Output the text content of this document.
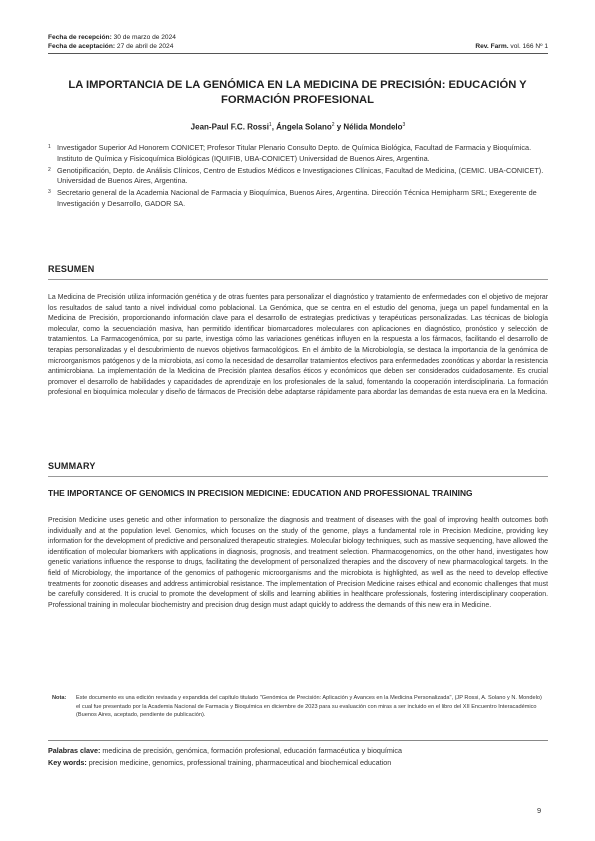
Fecha de recepción: 30 de marzo de 2024
Fecha de aceptación: 27 de abril de 2024	Rev. Farm. vol. 166 Nº 1
LA IMPORTANCIA DE LA GENÓMICA EN LA MEDICINA DE PRECISIÓN: EDUCACIÓN Y FORMACIÓN PROFESIONAL
Jean-Paul F.C. Rossi$^1$, Ángela Solano$^2$ y Nélida Mondelo$^3$
1 Investigador Superior Ad Honorem CONICET; Profesor Titular Plenario Consulto Depto. de Química Biológica, Facultad de Farmacia y Bioquímica. Instituto de Química y Fisicoquímica Biológicas (IQUIFIB, UBA-CONICET) Universidad de Buenos Aires, Argentina.
2 Genotipificación, Depto. de Análisis Clínicos, Centro de Estudios Médicos e Investigaciones Clínicas, Facultad de Medicina, (CEMIC. UBA-CONICET). Universidad de Buenos Aires, Argentina.
3 Secretario general de la Academia Nacional de Farmacia y Bioquímica, Buenos Aires, Argentina. Dirección Técnica Hemipharm SRL; Exegerente de Investigación y Desarrollo, GADOR SA.
RESUMEN
La Medicina de Precisión utiliza información genética y de otras fuentes para personalizar el diagnóstico y tratamiento de enfermedades con el objetivo de mejorar los resultados de salud tanto a nivel individual como poblacional. La Genómica, que se centra en el estudio del genoma, juega un papel fundamental en la Medicina de Precisión, proporcionando información clave para el desarrollo de estrategias predictivas y terapéuticas personalizadas. Las técnicas de biología molecular, como la secuenciación masiva, han permitido identificar biomarcadores moleculares con aplicaciones en diagnóstico, pronóstico y selección de tratamientos. La Farmacogenómica, por su parte, investiga cómo las variaciones genéticas influyen en la respuesta a los fármacos, facilitando el desarrollo de terapias personalizadas y el descubrimiento de nuevos objetivos farmacológicos. En el ámbito de la Microbiología, se destaca la importancia de la genómica de microorganismos patógenos y de la microbiota, así como la necesidad de desarrollar tratamientos efectivos para enfermedades zoonóticas y abordar la resistencia antimicrobiana. La implementación de la Medicina de Precisión plantea desafíos éticos y económicos que deben ser considerados cuidadosamente. Es crucial promover el desarrollo de habilidades y capacidades de aprendizaje en los profesionales de la salud, fomentando la cooperación interdisciplinaria. La formación profesional en bioquímica molecular y diseño de fármacos de Precisión debe adaptarse rápidamente para abordar las demandas de esta nueva era en la Medicina.
SUMMARY
THE IMPORTANCE OF GENOMICS IN PRECISION MEDICINE: EDUCATION AND PROFESSIONAL TRAINING
Precision Medicine uses genetic and other information to personalize the diagnosis and treatment of diseases with the goal of improving health outcomes both individually and at the population level. Genomics, which focuses on the study of the genome, plays a fundamental role in Precision Medicine, providing key information for the development of predictive and personalized therapeutic strategies. Molecular biology techniques, such as massive sequencing, have allowed the identification of molecular biomarkers with applications in diagnosis, prognosis, and treatment selection. Pharmacogenomics, on the other hand, investigates how genetic variations influence the response to drugs, facilitating the development of personalized therapies and the discovery of new pharmacological targets. In the field of Microbiology, the importance of the genomics of pathogenic microorganisms and the microbiota is highlighted, as well as the need to develop effective treatments for zoonotic diseases and address antimicrobial resistance. The implementation of Precision Medicine raises ethical and economic challenges that must be carefully considered. It is crucial to promote the development of skills and learning abilities in healthcare professionals, fostering interdisciplinary cooperation. Professional training in molecular biochemistry and precision drug design must adapt quickly to address the demands of this new era in Medicine.
Nota: Este documento es una edición revisada y expandida del capítulo titulado "Genómica de Precisión: Aplicación y Avances en la Medicina Personalizada", (JP Rossi, A. Solano y N. Mondelo) el cual fue presentado por la Academia Nacional de Farmacia y Bioquímica en diciembre de 2023 para su evaluación con miras a ser incluido en el libro del XII Encuentro Interacadémico (Buenos Aires, aceptado, pendiente de publicación).
Palabras clave: medicina de precisión, genómica, formación profesional, educación farmacéutica y bioquímica
Key words: precision medicine, genomics, professional training, pharmaceutical and biochemical education
9
